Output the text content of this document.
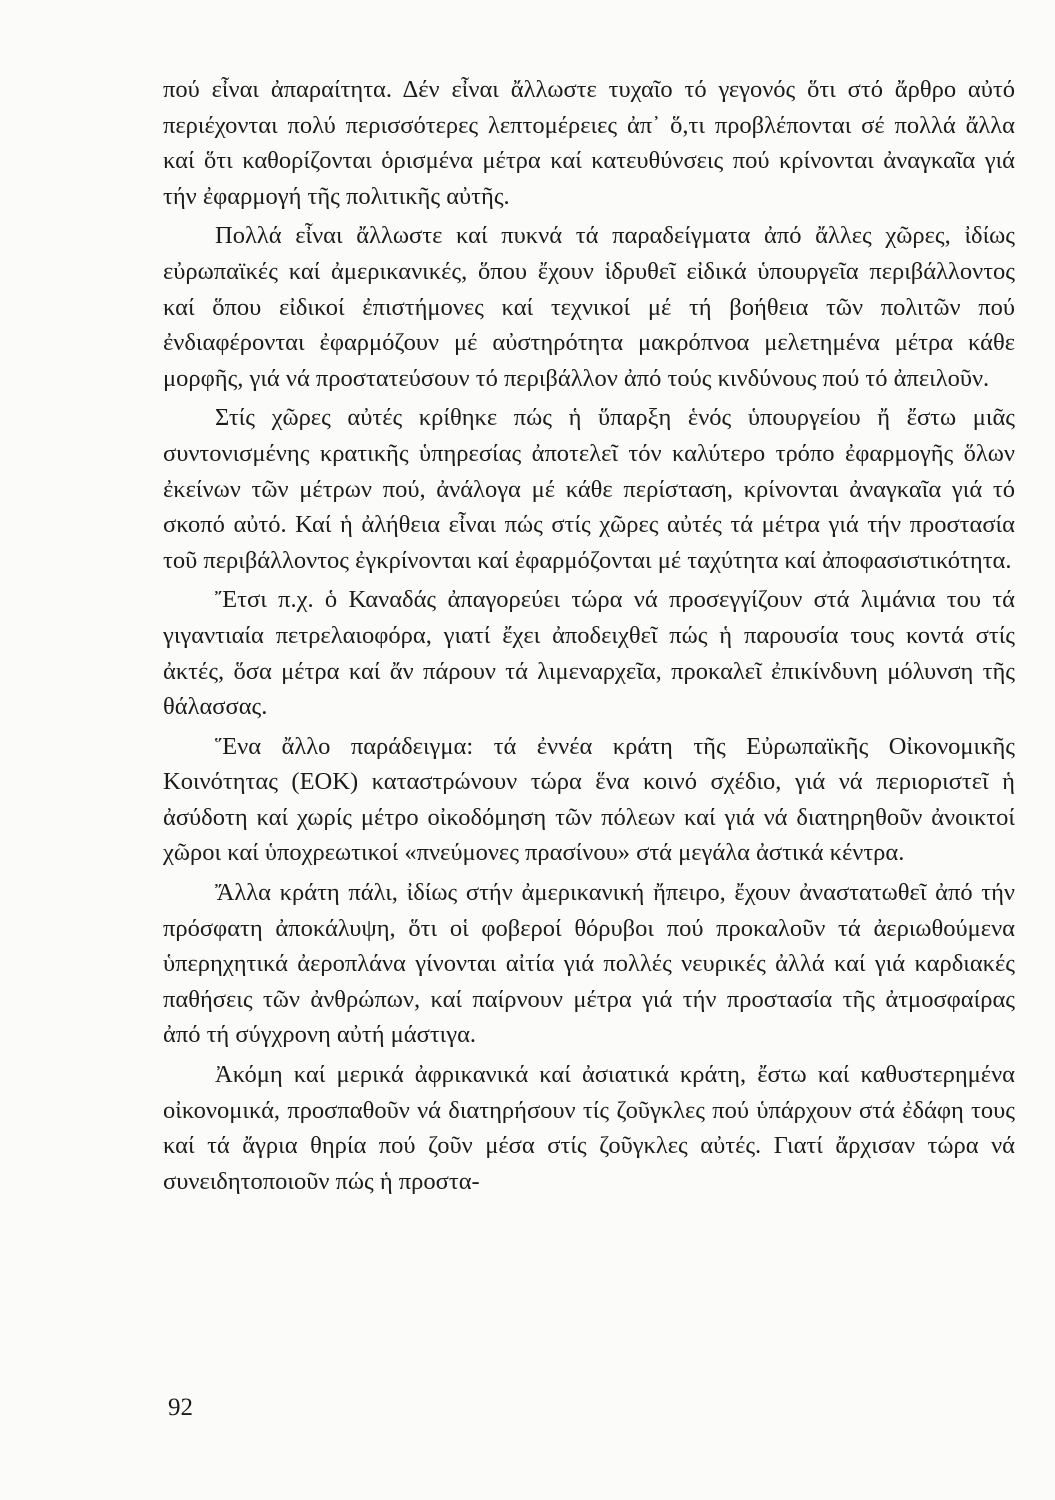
πού εἶναι ἀπαραίτητα. Δέν εἶναι ἄλλωστε τυχαῖο τό γεγονός ὅτι στό ἄρθρο αὐτό περιέχονται πολύ περισσότερες λεπτομέρειες ἀπ᾿ ὅ,τι προβλέπονται σέ πολλά ἄλλα καί ὅτι καθορίζονται ὁρισμένα μέτρα καί κατευθύνσεις πού κρίνονται ἀναγκαῖα γιά τήν ἐφαρμογή τῆς πολιτικῆς αὐτῆς.

Πολλά εἶναι ἄλλωστε καί πυκνά τά παραδείγματα ἀπό ἄλλες χῶρες, ἰδίως εὐρωπαϊκές καί ἀμερικανικές, ὅπου ἔχουν ἱδρυθεῖ εἰδικά ὑπουργεῖα περιβάλλοντος καί ὅπου εἰδικοί ἐπιστήμονες καί τεχνικοί μέ τή βοήθεια τῶν πολιτῶν πού ἐνδιαφέρονται ἐφαρμόζουν μέ αὐστηρότητα μακρόπνοα μελετημένα μέτρα κάθε μορφῆς, γιά νά προστατεύσουν τό περιβάλλον ἀπό τούς κινδύνους πού τό ἀπειλοῦν.

Στίς χῶρες αὐτές κρίθηκε πώς ἡ ὕπαρξη ἑνός ὑπουργείου ἤ ἔστω μιᾶς συντονισμένης κρατικῆς ὑπηρεσίας ἀποτελεῖ τόν καλύτερο τρόπο ἐφαρμογῆς ὅλων ἐκείνων τῶν μέτρων πού, ἀνάλογα μέ κάθε περίσταση, κρίνονται ἀναγκαῖα γιά τό σκοπό αὐτό. Καί ἡ ἀλήθεια εἶναι πώς στίς χῶρες αὐτές τά μέτρα γιά τήν προστασία τοῦ περιβάλλοντος ἐγκρίνονται καί ἐφαρμόζονται μέ ταχύτητα καί ἀποφασιστικότητα.

Ἔτσι π.χ. ὁ Καναδάς ἀπαγορεύει τώρα νά προσεγγίζουν στά λιμάνια του τά γιγαντιαία πετρελαιοφόρα, γιατί ἔχει ἀποδειχθεῖ πώς ἡ παρουσία τους κοντά στίς ἀκτές, ὅσα μέτρα καί ἄν πάρουν τά λιμεναρχεῖα, προκαλεῖ ἐπικίνδυνη μόλυνση τῆς θάλασσας.

Ἕνα ἄλλο παράδειγμα: τά ἐννέα κράτη τῆς Εὐρωπαϊκῆς Οἰκονομικῆς Κοινότητας (ΕΟΚ) καταστρώνουν τώρα ἕνα κοινό σχέδιο, γιά νά περιοριστεῖ ἡ ἀσύδοτη καί χωρίς μέτρο οἰκοδόμηση τῶν πόλεων καί γιά νά διατηρηθοῦν ἀνοικτοί χῶροι καί ὑποχρεωτικοί «πνεύμονες πρασίνου» στά μεγάλα ἀστικά κέντρα.

Ἄλλα κράτη πάλι, ἰδίως στήν ἀμερικανική ἤπειρο, ἔχουν ἀναστατωθεῖ ἀπό τήν πρόσφατη ἀποκάλυψη, ὅτι οἱ φοβεροί θόρυβοι πού προκαλοῦν τά ἀεριωθούμενα ὑπερηχητικά ἀεροπλάνα γίνονται αἰτία γιά πολλές νευρικές ἀλλά καί γιά καρδιακές παθήσεις τῶν ἀνθρώπων, καί παίρνουν μέτρα γιά τήν προστασία τῆς ἀτμοσφαίρας ἀπό τή σύγχρονη αὐτή μάστιγα.

Ἀκόμη καί μερικά ἀφρικανικά καί ἀσιατικά κράτη, ἔστω καί καθυστερημένα οἰκονομικά, προσπαθοῦν νά διατηρήσουν τίς ζοῦγκλες πού ὑπάρχουν στά ἐδάφη τους καί τά ἄγρια θηρία πού ζοῦν μέσα στίς ζοῦγκλες αὐτές. Γιατί ἄρχισαν τώρα νά συνειδητοποιοῦν πώς ἡ προστα-

92
